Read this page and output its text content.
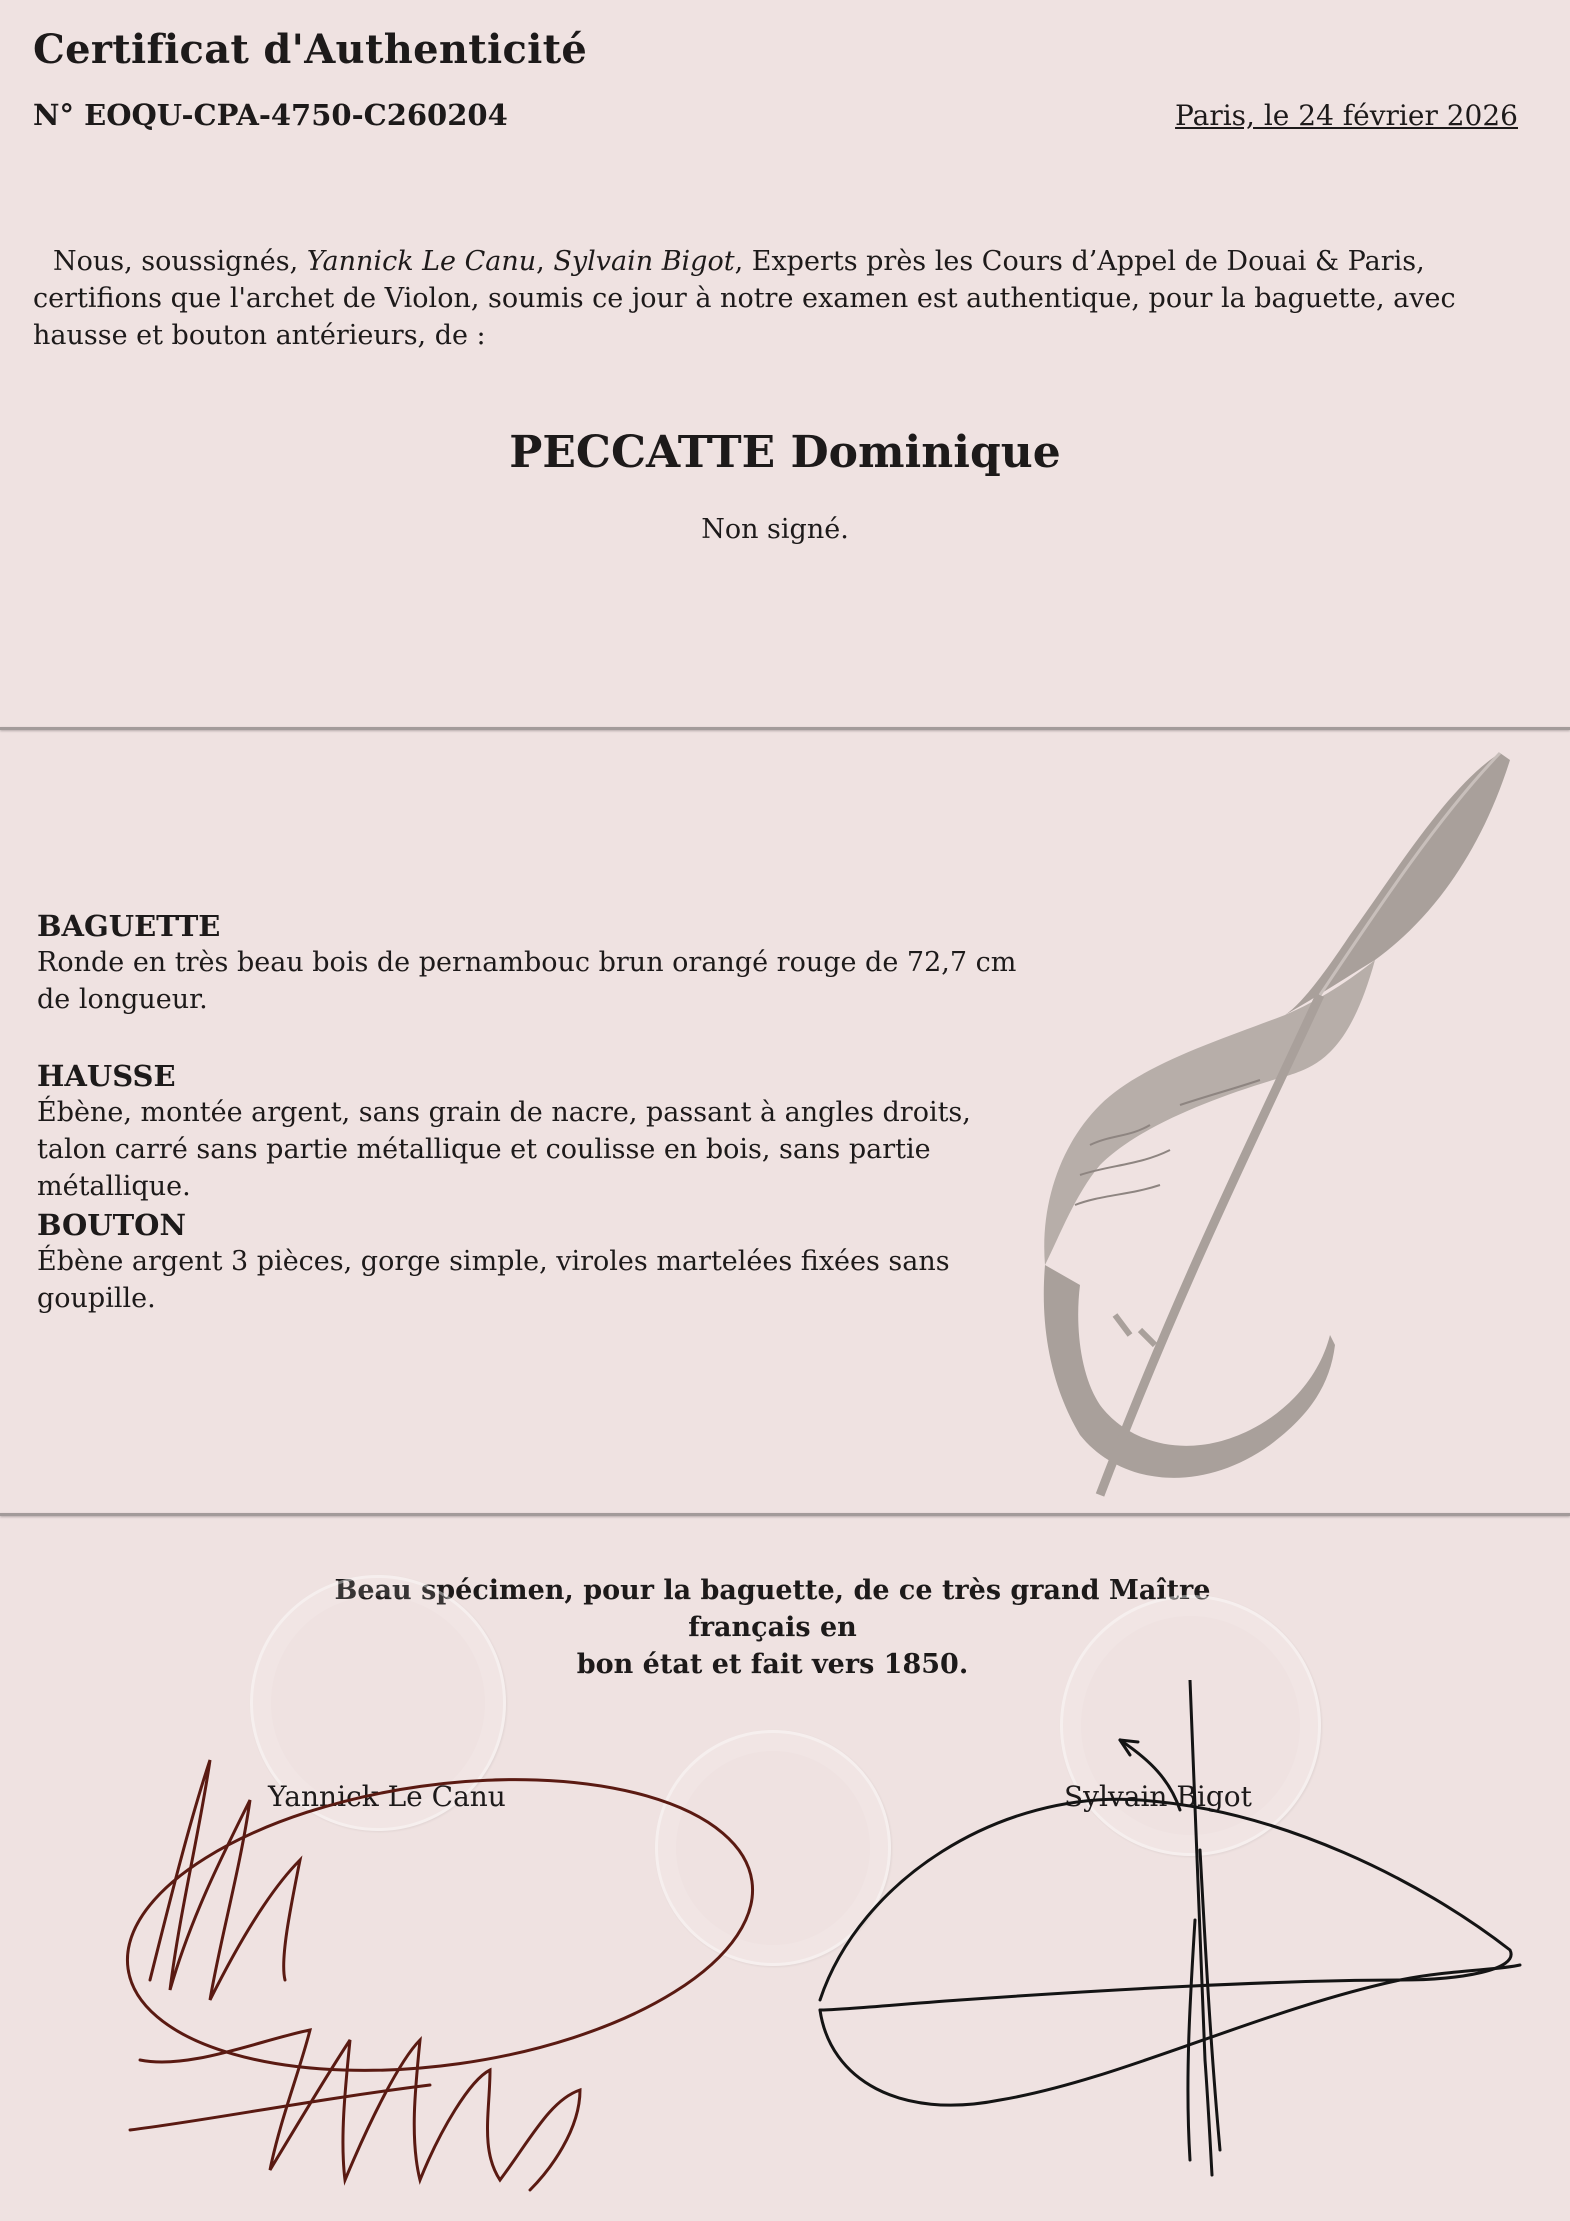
Certificat d'Authenticité
N° EOQU-CPA-4750-C260204	Paris, le 24 février 2026

Nous, soussignés, Yannick Le Canu, Sylvain Bigot, Experts près les Cours d’Appel de Douai & Paris, certifions que l'archet de Violon, soumis ce jour à notre examen est authentique, pour la baguette, avec hausse et bouton antérieurs, de :

PECCATTE Dominique
Non signé.
BAGUETTE

Ronde en très beau bois de pernambouc brun orangé rouge de 72,7 cm de longueur.

HAUSSE

Ébène, montée argent, sans grain de nacre, passant à angles droits, talon carré sans partie métallique et coulisse en bois, sans partie métallique.

BOUTON

Ébène argent 3 pièces, gorge simple, viroles martelées fixées sans goupille.

Beau spécimen, pour la baguette, de ce très grand Maître français en
bon état et fait vers 1850.

Yannick Le Canu	Sylvain Bigot
